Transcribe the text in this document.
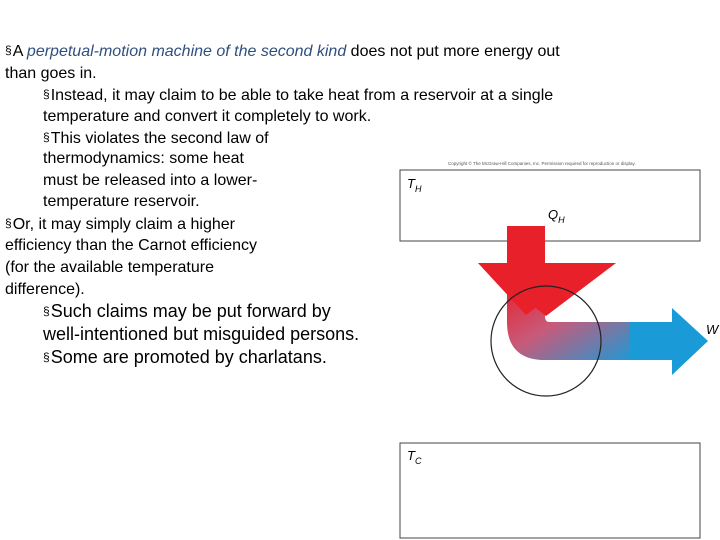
§A perpetual-motion machine of the second kind does not put more energy out
than goes in.
§Instead, it may claim to be able to take heat from a reservoir at a single
temperature and convert it completely to work.
§This violates the second law of
thermodynamics: some heat
must be released into a lower-
temperature reservoir.
§Or, it may simply claim a higher
efficiency than the Carnot efficiency
(for the available temperature
difference).
§Such claims may be put forward by
well-intentioned but misguided persons.
§Some are promoted by charlatans.
Copyright © The McGraw-Hill Companies, Inc. Permission required for reproduction or display.
$T_H$
$Q_H$
W
$T_C$
